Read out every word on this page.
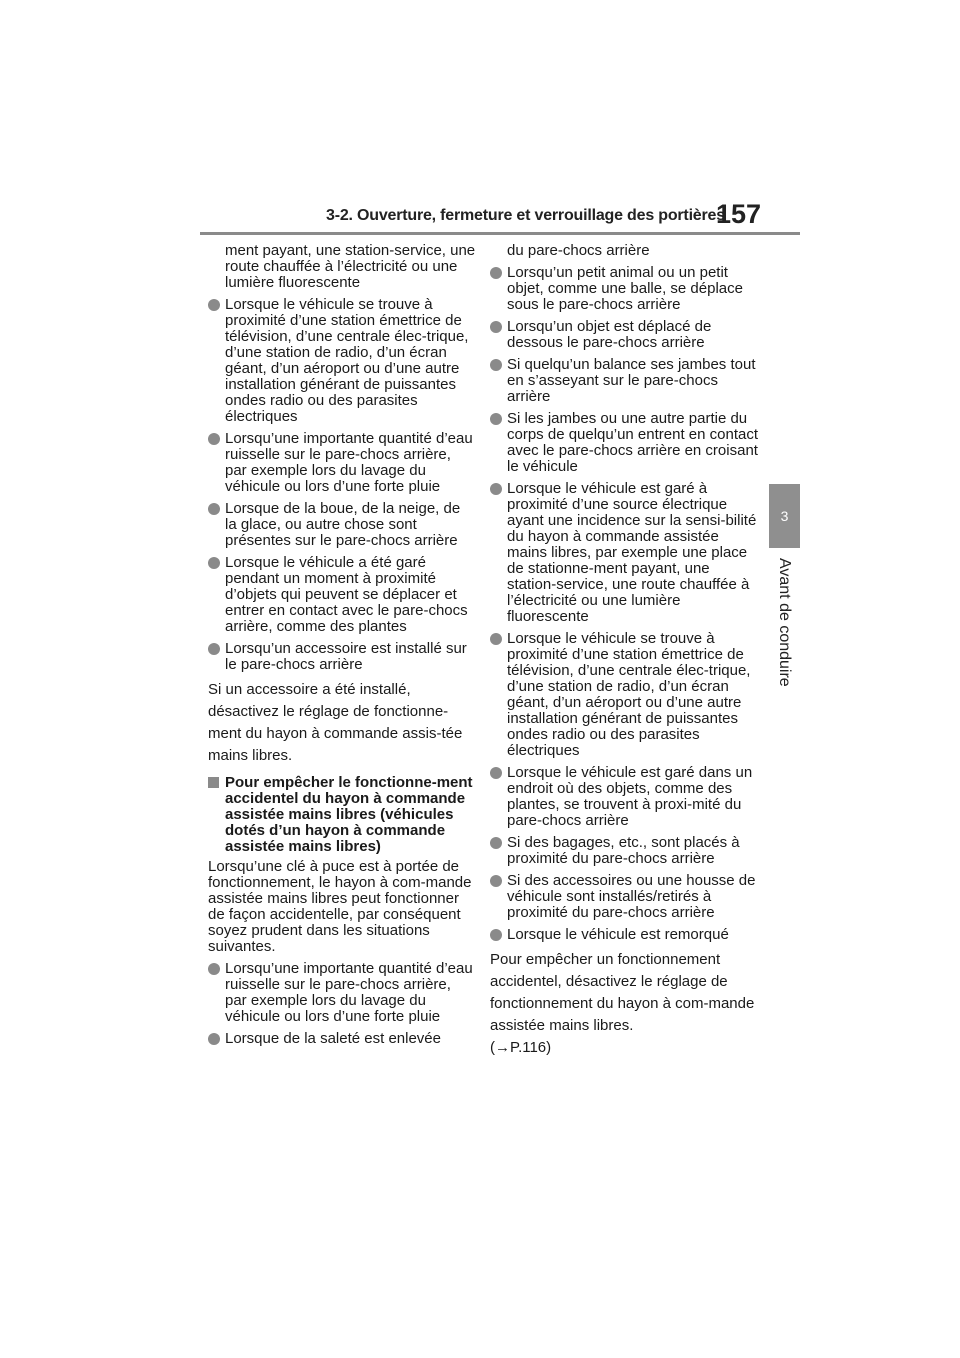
3-2. Ouverture, fermeture et verrouillage des portières
157
3
Avant de conduire
ment payant, une station-service, une route chauffée à l’électricité ou une lumière fluorescente
Lorsque le véhicule se trouve à proximité d’une station émettrice de télévision, d’une centrale élec-trique, d’une station de radio, d’un écran géant, d’un aéroport ou d’une autre installation générant de puissantes ondes radio ou des parasites électriques
Lorsqu’une importante quantité d’eau ruisselle sur le pare-chocs arrière, par exemple lors du lavage du véhicule ou lors d’une forte pluie
Lorsque de la boue, de la neige, de la glace, ou autre chose sont présentes sur le pare-chocs arrière
Lorsque le véhicule a été garé pendant un moment à proximité d’objets qui peuvent se déplacer et entrer en contact avec le pare-chocs arrière, comme des plantes
Lorsqu’un accessoire est installé sur le pare-chocs arrière
Si un accessoire a été installé, désactivez le réglage de fonctionne-ment du hayon à commande assis-tée mains libres.
Pour empêcher le fonctionne-ment accidentel du hayon à commande assistée mains libres (véhicules dotés d’un hayon à commande assistée mains libres)
Lorsqu’une clé à puce est à portée de fonctionnement, le hayon à com-mande assistée mains libres peut fonctionner de façon accidentelle, par conséquent soyez prudent dans les situations suivantes.
Lorsqu’une importante quantité d’eau ruisselle sur le pare-chocs arrière, par exemple lors du lavage du véhicule ou lors d’une forte pluie
Lorsque de la saleté est enlevée
du pare-chocs arrière
Lorsqu’un petit animal ou un petit objet, comme une balle, se déplace sous le pare-chocs arrière
Lorsqu’un objet est déplacé de dessous le pare-chocs arrière
Si quelqu’un balance ses jambes tout en s’asseyant sur le pare-chocs arrière
Si les jambes ou une autre partie du corps de quelqu’un entrent en contact avec le pare-chocs arrière en croisant le véhicule
Lorsque le véhicule est garé à proximité d’une source électrique ayant une incidence sur la sensi-bilité du hayon à commande assistée mains libres, par exemple une place de stationne-ment payant, une station-service, une route chauffée à l’électricité ou une lumière fluorescente
Lorsque le véhicule se trouve à proximité d’une station émettrice de télévision, d’une centrale élec-trique, d’une station de radio, d’un écran géant, d’un aéroport ou d’une autre installation générant de puissantes ondes radio ou des parasites électriques
Lorsque le véhicule est garé dans un endroit où des objets, comme des plantes, se trouvent à proxi-mité du pare-chocs arrière
Si des bagages, etc., sont placés à proximité du pare-chocs arrière
Si des accessoires ou une housse de véhicule sont installés/retirés à proximité du pare-chocs arrière
Lorsque le véhicule est remorqué
Pour empêcher un fonctionnement accidentel, désactivez le réglage de fonctionnement du hayon à com-mande assistée mains libres.
(→P.116)
